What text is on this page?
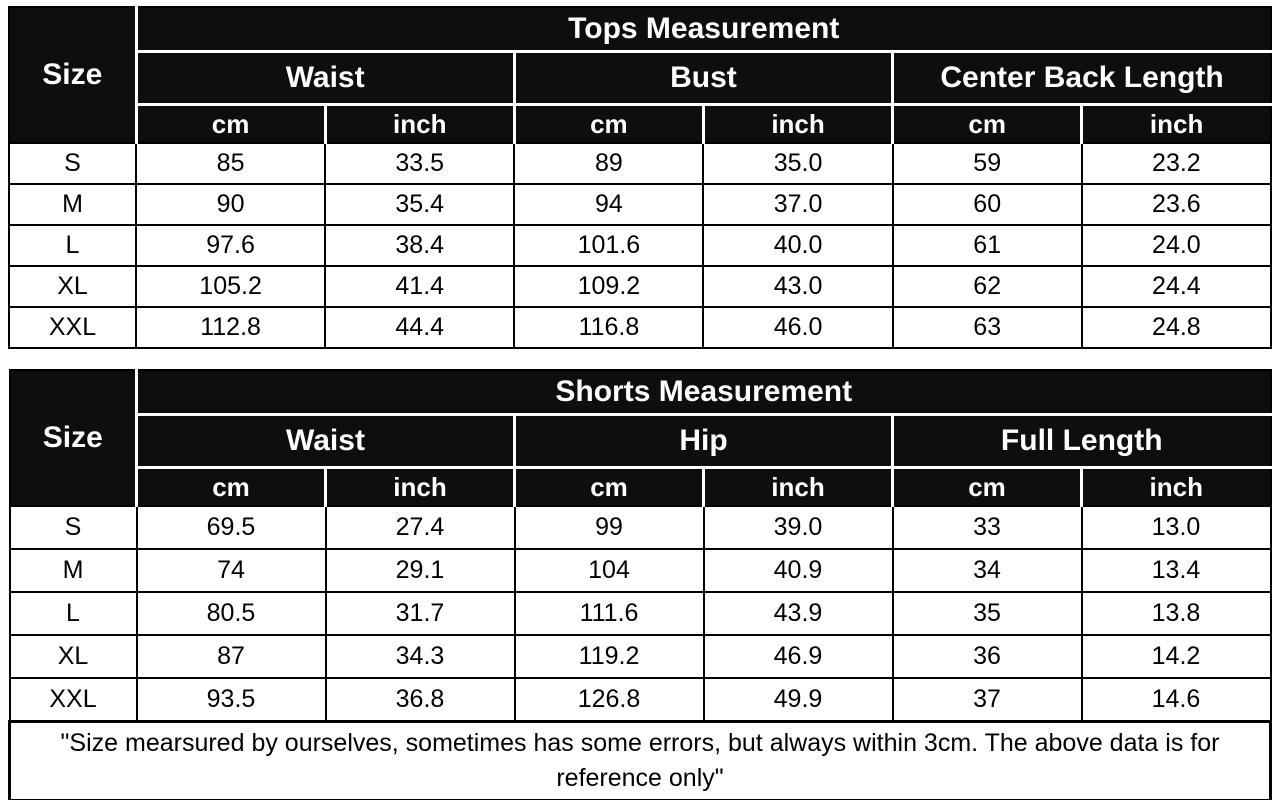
Size	Tops Measurement					
	Waist		Bust		Center Back Length	
	cm	inch	cm	inch	cm	inch
S	85	33.5	89	35.0	59	23.2
M	90	35.4	94	37.0	60	23.6
L	97.6	38.4	101.6	40.0	61	24.0
XL	105.2	41.4	109.2	43.0	62	24.4
XXL	112.8	44.4	116.8	46.0	63	24.8
Size	Shorts Measurement					
	Waist		Hip		Full Length	
	cm	inch	cm	inch	cm	inch
S	69.5	27.4	99	39.0	33	13.0
M	74	29.1	104	40.9	34	13.4
L	80.5	31.7	111.6	43.9	35	13.8
XL	87	34.3	119.2	46.9	36	14.2
XXL	93.5	36.8	126.8	49.9	37	14.6
"Size mearsured by ourselves, sometimes has some errors, but always within 3cm. The above data is for reference only"						
